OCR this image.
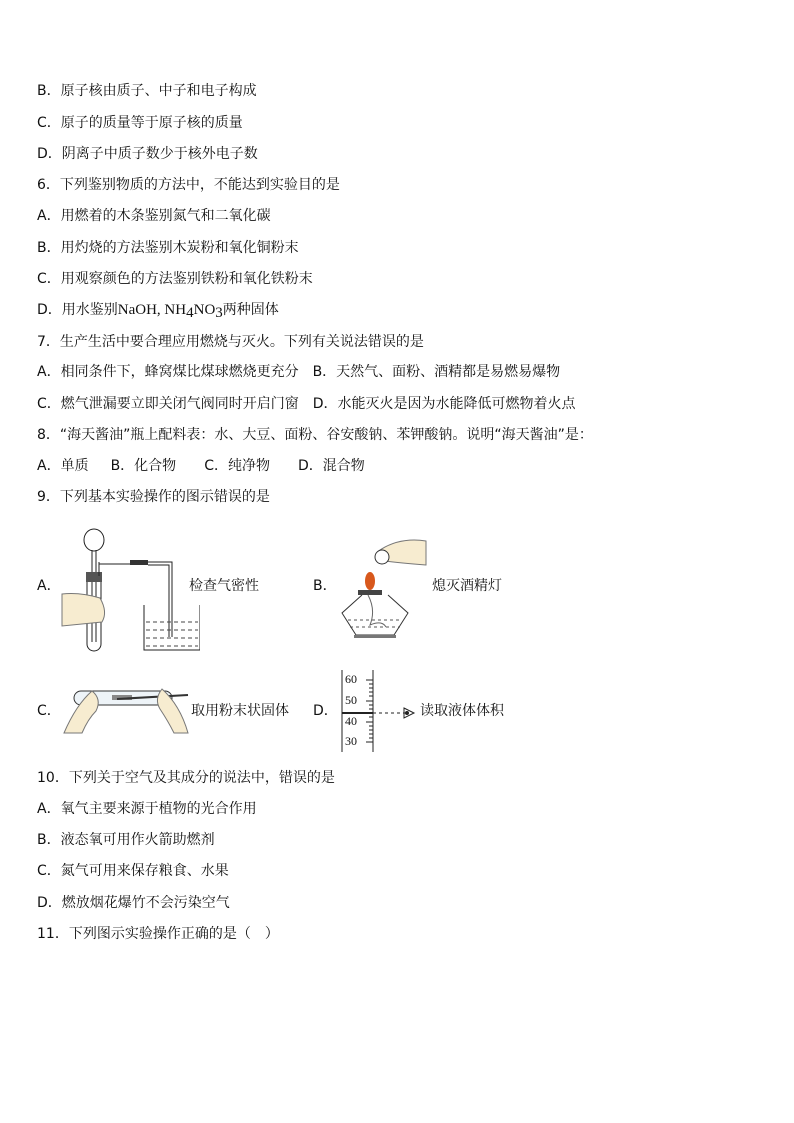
B．原子核由质子、中子和电子构成
C．原子的质量等于原子核的质量
D．阴离子中质子数少于核外电子数
6．下列鉴别物质的方法中，不能达到实验目的是
A．用燃着的木条鉴别氮气和二氧化碳
B．用灼烧的方法鉴别木炭粉和氧化铜粉末
C．用观察颜色的方法鉴别铁粉和氧化铁粉末
D．用水鉴别NaOH, NH4NO3两种固体
7．生产生活中要合理应用燃烧与灭火。下列有关说法错误的是
A．相同条件下，蜂窝煤比煤球燃烧更充分 B．天然气、面粉、酒精都是易燃易爆物
C．燃气泄漏要立即关闭气阀同时开启门窗 D．水能灭火是因为水能降低可燃物着火点
8．“海天酱油”瓶上配料表：水、大豆、面粉、谷安酸钠、苯钾酸钠。说明“海天酱油”是：
A．单质 B．化合物 C．纯净物 D．混合物
9．下列基本实验操作的图示错误的是
A．	检查气密性	B．	熄灭酒精灯
C．	取用粉末状固体 D．
60
50
40
30
读取液体体积
10．下列关于空气及其成分的说法中，错误的是
A．氧气主要来源于植物的光合作用
B．液态氧可用作火箭助燃剂
C．氮气可用来保存粮食、水果
D．燃放烟花爆竹不会污染空气
11．下列图示实验操作正确的是（　）
